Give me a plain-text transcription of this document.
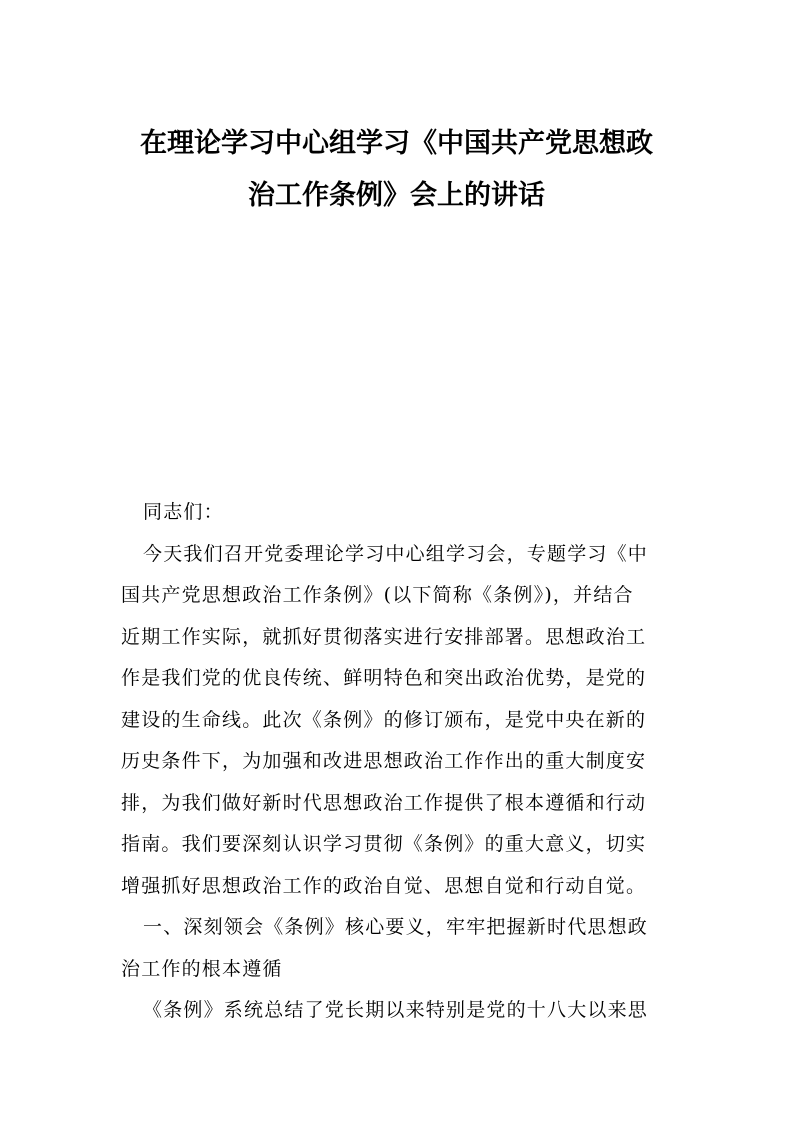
在理论学习中心组学习《中国共产党思想政
治工作条例》会上的讲话
同志们：
今天我们召开党委理论学习中心组学习会，专题学习《中
国共产党思想政治工作条例》(以下简称《条例》)，并结合
近期工作实际，就抓好贯彻落实进行安排部署。思想政治工
作是我们党的优良传统、鲜明特色和突出政治优势，是党的
建设的生命线。此次《条例》的修订颁布，是党中央在新的
历史条件下，为加强和改进思想政治工作作出的重大制度安
排，为我们做好新时代思想政治工作提供了根本遵循和行动
指南。我们要深刻认识学习贯彻《条例》的重大意义，切实
增强抓好思想政治工作的政治自觉、思想自觉和行动自觉。
一、深刻领会《条例》核心要义，牢牢把握新时代思想政
治工作的根本遵循
《条例》系统总结了党长期以来特别是党的十八大以来思
